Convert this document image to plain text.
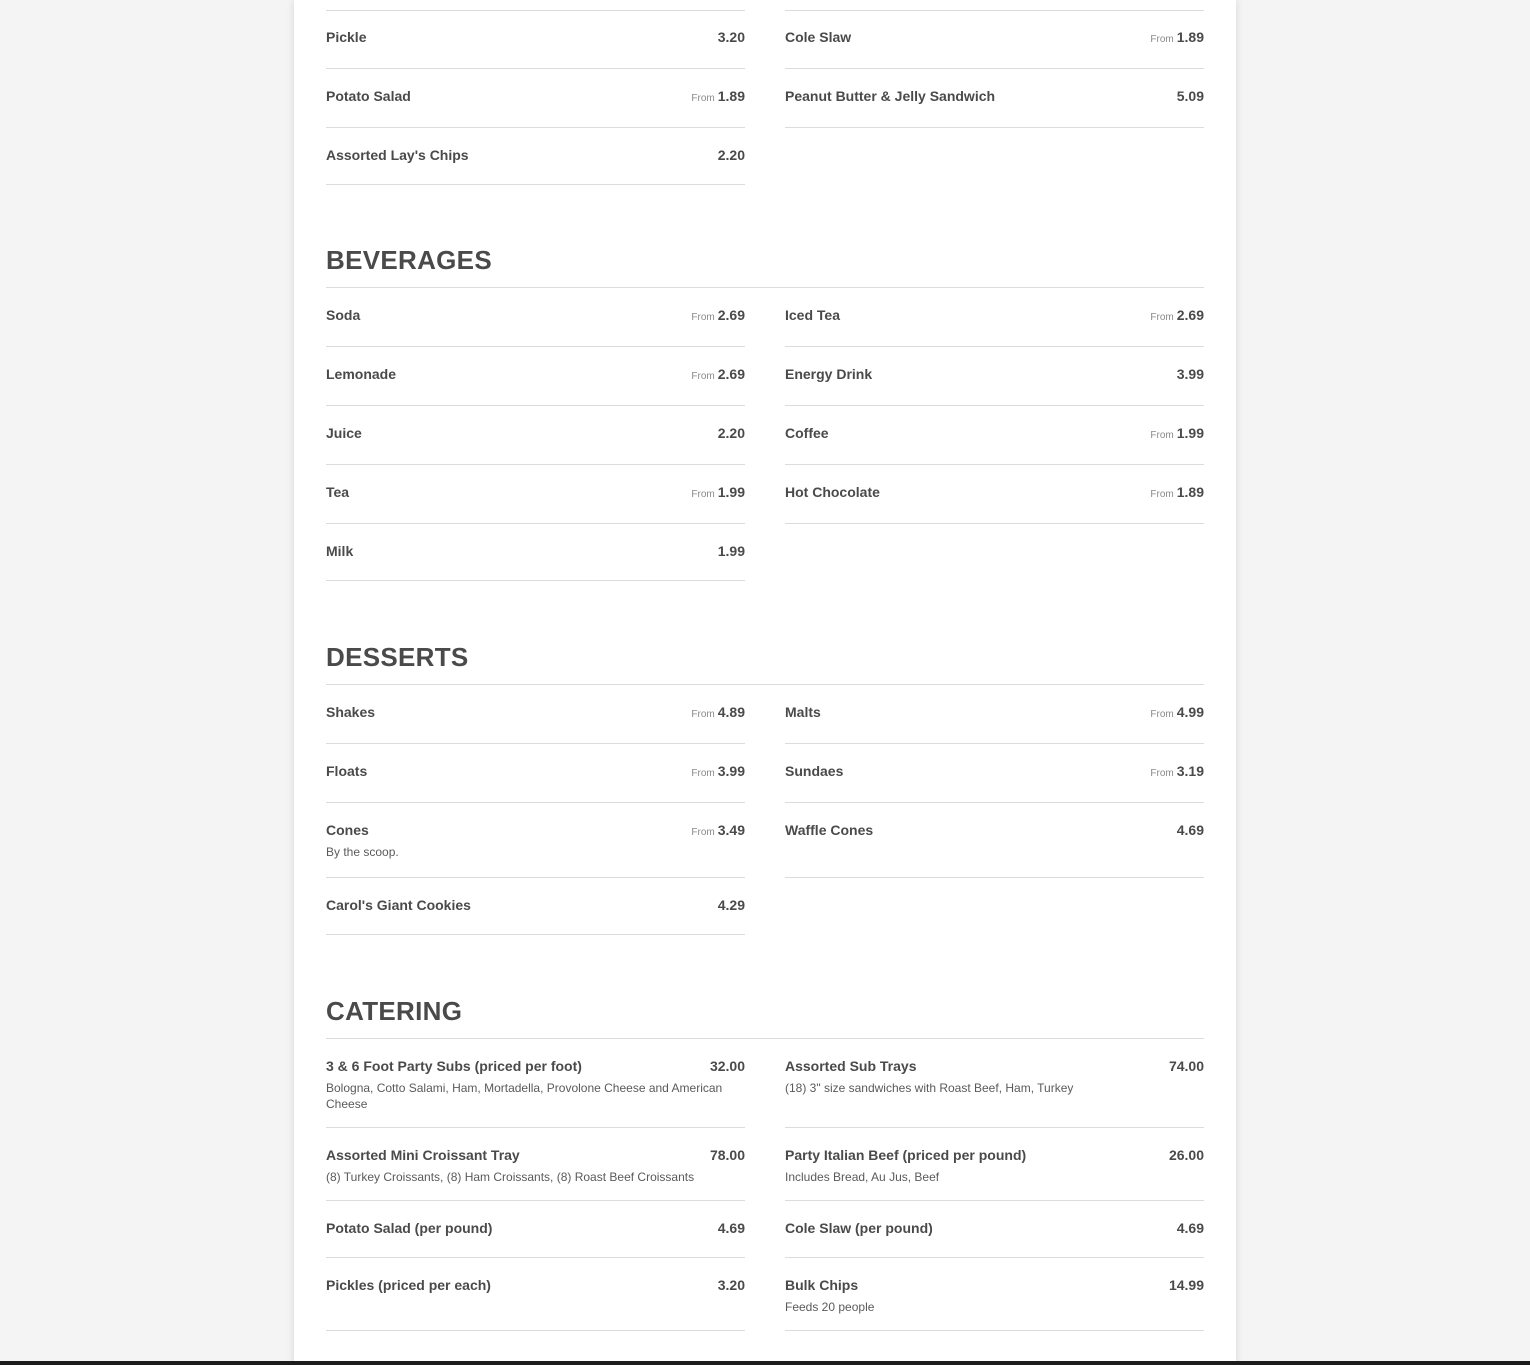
Pickle	3.20
Potato Salad	From 1.89
Assorted Lay's Chips	2.20
Cole Slaw	From 1.89
Peanut Butter & Jelly Sandwich	5.09
BEVERAGES
Soda	From 2.69
Lemonade	From 2.69
Juice	2.20
Tea	From 1.99
Milk	1.99
Iced Tea	From 2.69
Energy Drink	3.99
Coffee	From 1.99
Hot Chocolate	From 1.89
DESSERTS
Shakes	From 4.89
Floats	From 3.99
Cones	From 3.49
By the scoop.
Carol's Giant Cookies	4.29
Malts	From 4.99
Sundaes	From 3.19
Waffle Cones	4.69
CATERING
3 & 6 Foot Party Subs (priced per foot)	32.00
Bologna, Cotto Salami, Ham, Mortadella, Provolone Cheese and American Cheese
Assorted Mini Croissant Tray	78.00
(8) Turkey Croissants, (8) Ham Croissants, (8) Roast Beef Croissants
Potato Salad (per pound)	4.69
Pickles (priced per each)	3.20
Assorted Sub Trays	74.00
(18) 3" size sandwiches with Roast Beef, Ham, Turkey
Party Italian Beef (priced per pound)	26.00
Includes Bread, Au Jus, Beef
Cole Slaw (per pound)	4.69
Bulk Chips	14.99
Feeds 20 people
